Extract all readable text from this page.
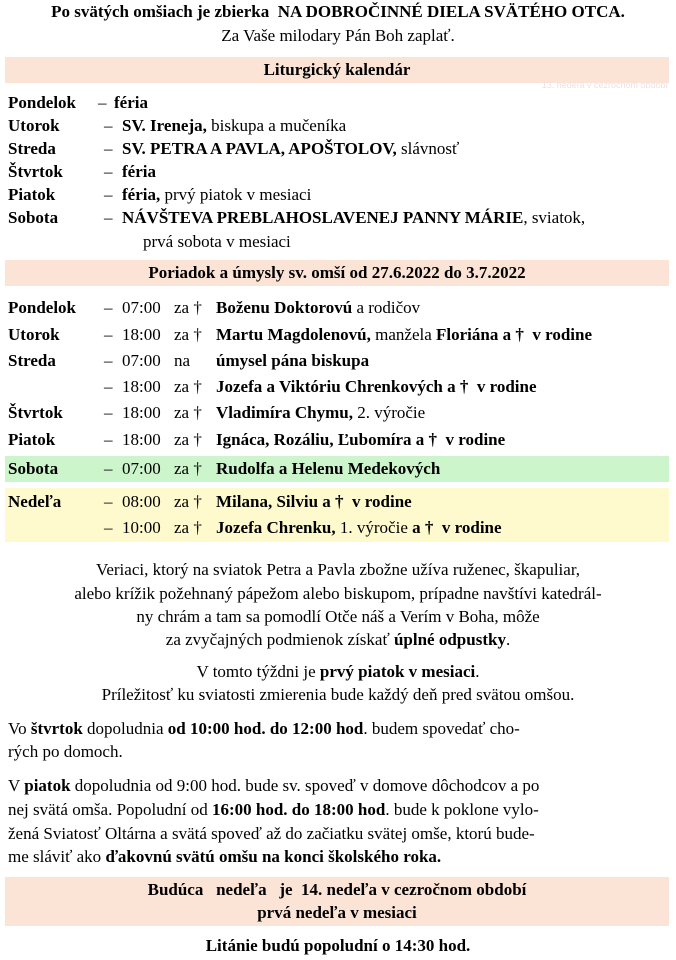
Po svätých omšiach je zbierka NA DOBROČINNÉ DIELA SVÄTÉHO OTCA.
Za Vaše milodary Pán Boh zaplať.
Liturgický kalendár
13. nedeľa v cezročnom období
Pondelok – féria
Utorok	– SV. Ireneja, biskupa a mučeníka
Streda	– SV. PETRA A PAVLA, APOŠTOLOV, slávnosť
Štvrtok – féria
Piatok	– féria, prvý piatok v mesiaci
Sobota	– NÁVŠTEVA PREBLAHOSLAVENEJ PANNY MÁRIE, sviatok,
prvá sobota v mesiaci
Poriadok a úmysly sv. omší od 27.6.2022 do 3.7.2022
Pondelok – 07:00 za † Boženu Doktorovú a rodičov
Utorok	– 18:00 za † Martu Magdolenovú, manžela Floriána a †  v rodine
Streda	– 07:00 na úmysel pána biskupa
– 18:00 za † Jozefa a Viktóriu Chrenkových a †  v rodine
Štvrtok – 18:00 za † Vladimíra Chymu, 2. výročie
Piatok	– 18:00 za † Ignáca, Rozáliu, Ľubomíra a †  v rodine
Sobota	– 07:00 za † Rudolfa a Helenu Medekových
Nedeľa	– 08:00 za † Milana, Silviu a †  v rodine
– 10:00 za † Jozefa Chrenku, 1. výročie a †  v rodine
Veriaci, ktorý na sviatok Petra a Pavla zbožne užíva ruženec, škapuliar,
alebo krížik požehnaný pápežom alebo biskupom, prípadne navštívi katedrál-
ny chrám a tam sa pomodlí Otče náš a Verím v Boha, môže
za zvyčajných podmienok získať úplné odpustky.
V tomto týždni je prvý piatok v mesiaci.
Príležitosť ku sviatosti zmierenia bude každý deň pred svätou omšou.
Vo štvrtok dopoludnia od 10:00 hod. do 12:00 hod. budem spovedať cho-
rých po domoch.
V piatok dopoludnia od 9:00 hod. bude sv. spoveď v domove dôchodcov a po
nej svätá omša. Popoludní od 16:00 hod. do 18:00 hod. bude k poklone vylo-
žená Sviatosť Oltárna a svätá spoveď až do začiatku svätej omše, ktorú bude-
me sláviť ako ďakovnú svätú omšu na konci školského roka.
Budúca   nedeľa   je  14. nedeľa v cezročnom období
prvá nedeľa v mesiaci
Litánie budú popoludní o 14:30 hod.
